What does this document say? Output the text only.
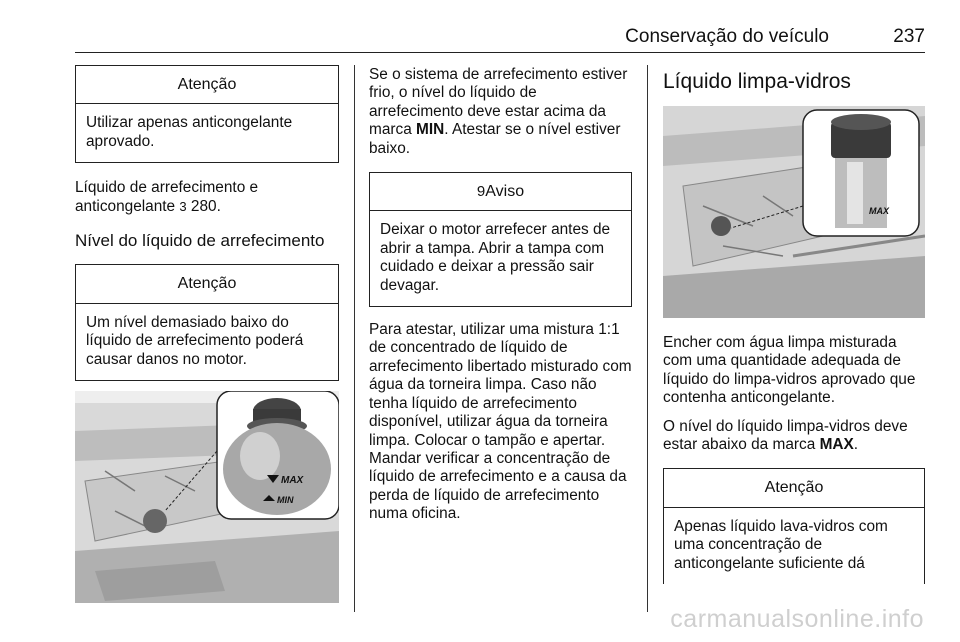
Conservação do veículo	237
Atenção
Utilizar apenas anticongelante aprovado.

Líquido de arrefecimento e anticongelante 3 280.

Nível do líquido de arrefecimento
Atenção
Um nível demasiado baixo do líquido de arrefecimento poderá causar danos no motor.
MAX
MIN

Se o sistema de arrefecimento estiver frio, o nível do líquido de arrefecimento deve estar acima da marca MIN. Atestar se o nível estiver baixo.

9Aviso
Deixar o motor arrefecer antes de abrir a tampa. Abrir a tampa com cuidado e deixar a pressão sair devagar.

Para atestar, utilizar uma mistura 1:1 de concentrado de líquido de arrefecimento libertado misturado com água da torneira limpa. Caso não tenha líquido de arrefecimento disponível, utilizar água da torneira limpa. Colocar o tampão e apertar. Mandar verificar a concentração de líquido de arrefecimento e a causa da perda de líquido de arrefecimento numa oficina.

Líquido limpa-vidros
MAX

Encher com água limpa misturada com uma quantidade adequada de líquido do limpa-vidros aprovado que contenha anticongelante.

O nível do líquido limpa-vidros deve estar abaixo da marca MAX.

Atenção
Apenas líquido lava-vidros com uma concentração de anticongelante suficiente dá
carmanualsonline.info
